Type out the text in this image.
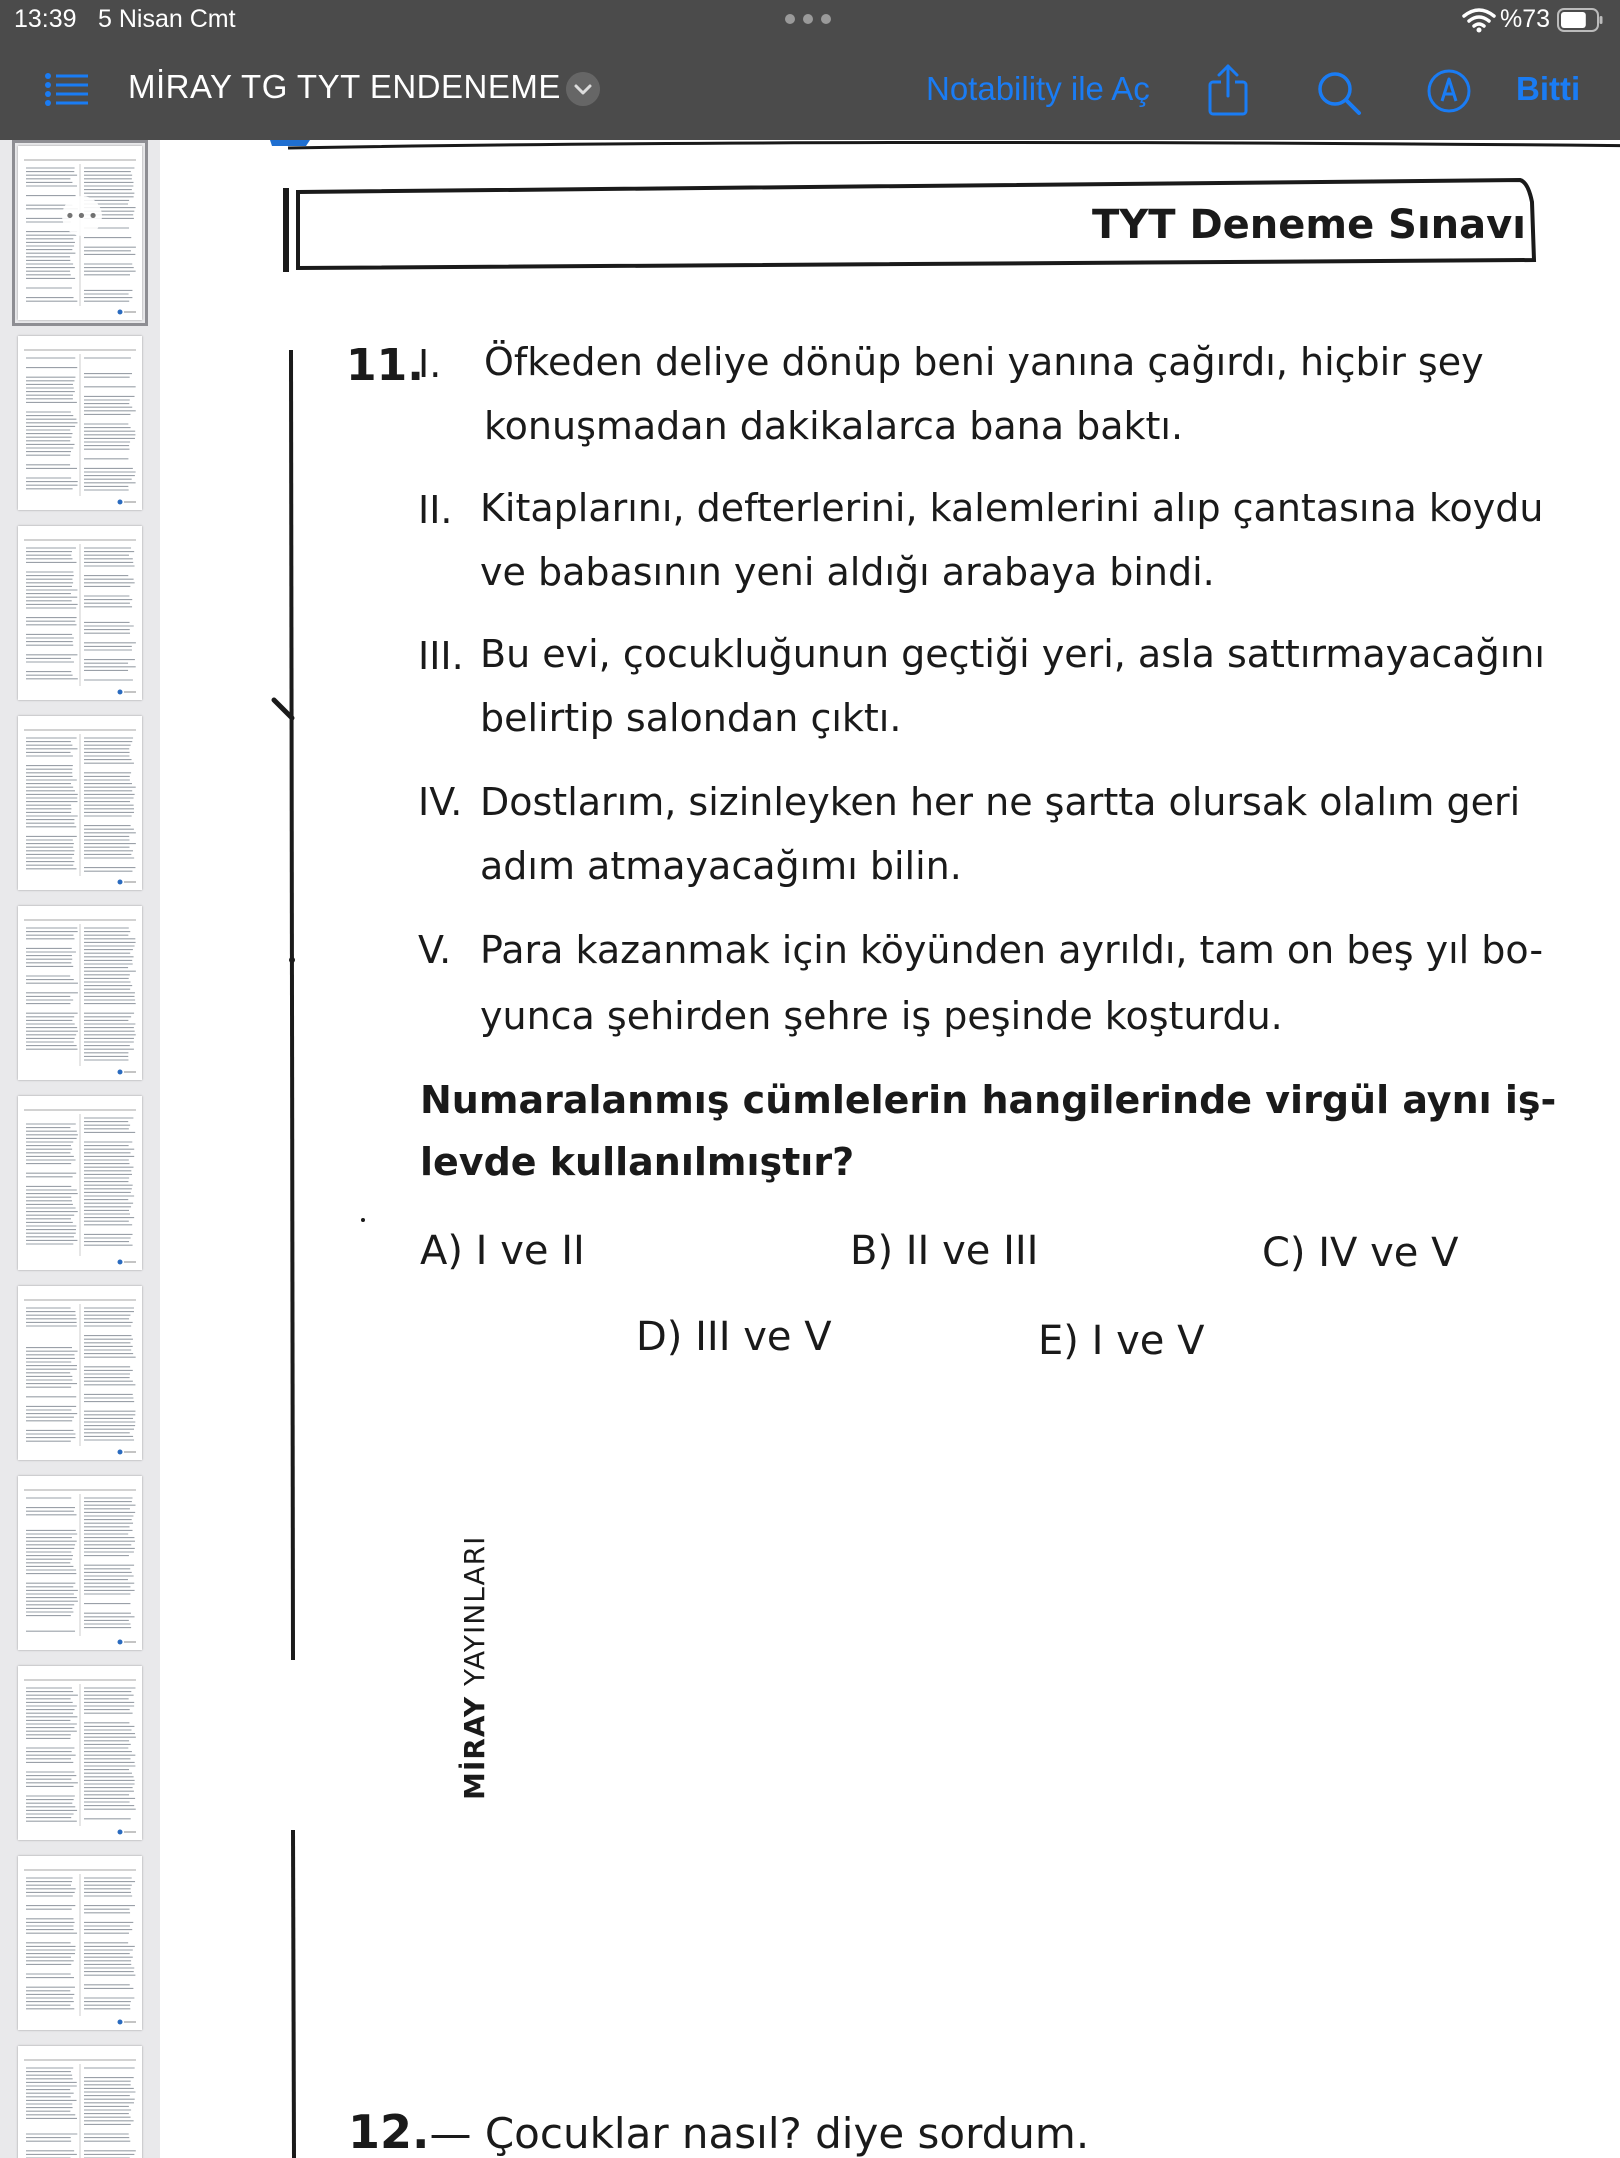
13:39 5 Nisan Cmt	%73
MİRAY TG TYT ENDENEME	Notability ile Aç	Bitti
•••	TYT Deneme Sınavı
MİRAY YAYINLARI
11.
I. Öfkeden deliye dönüp beni yanına çağırdı, hiçbir şey
konuşmadan dakikalarca bana baktı.
II. Kitaplarını, defterlerini, kalemlerini alıp çantasına koydu
ve babasının yeni aldığı arabaya bindi.
III. Bu evi, çocukluğunun geçtiği yeri, asla sattırmayacağını
belirtip salondan çıktı.
IV. Dostlarım, sizinleyken her ne şartta olursak olalım geri
adım atmayacağımı bilin.
V. Para kazanmak için köyünden ayrıldı, tam on beş yıl bo-
yunca şehirden şehre iş peşinde koşturdu.
Numaralanmış cümlelerin hangilerinde virgül aynı iş-
levde kullanılmıştır?
A) I ve II	B) II ve III	C) IV ve V
D) III ve V	E) I ve V
12.— Çocuklar nasıl? diye sordum.
